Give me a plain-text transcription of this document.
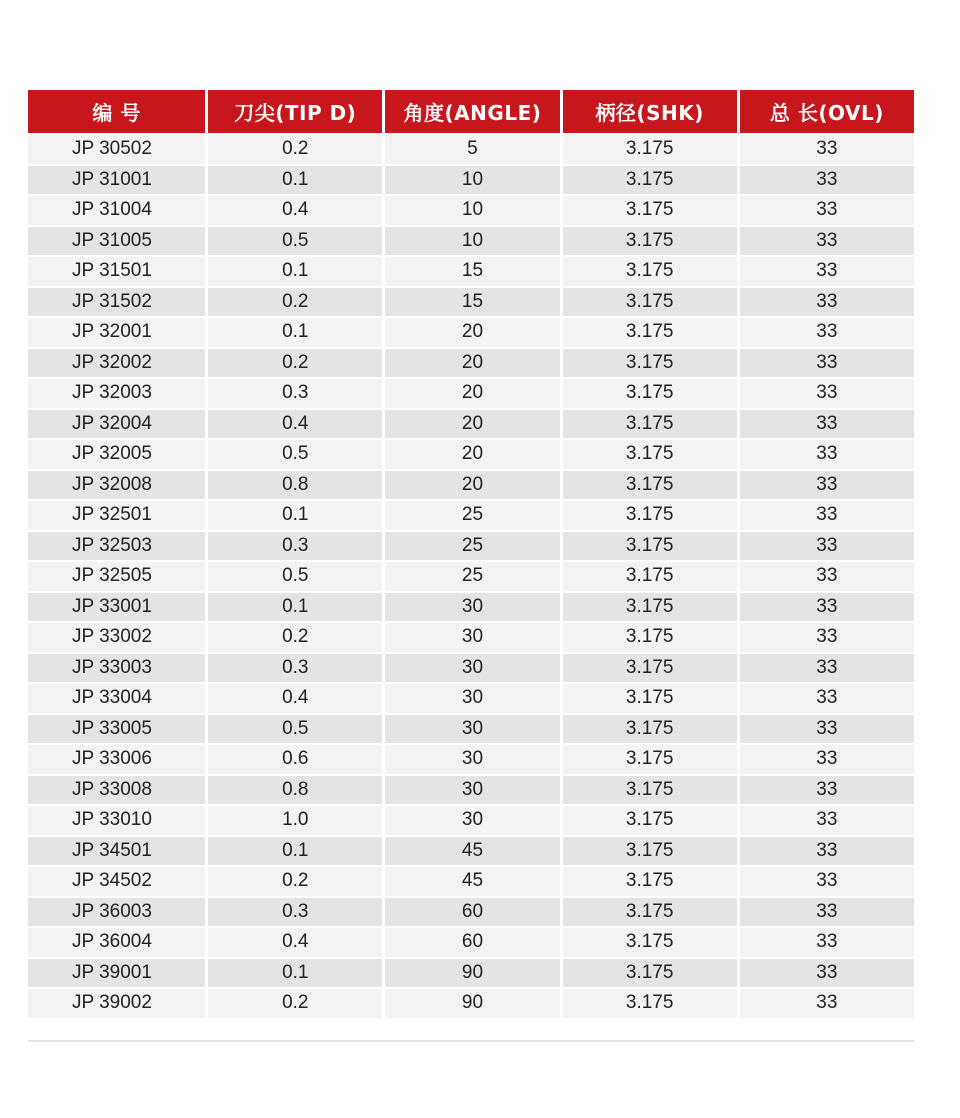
编 号	刀尖(TIP D)	角度(ANGLE)	柄径(SHK)	总 长(OVL)
JP 30502	0.2	5	3.175	33
JP 31001	0.1	10	3.175	33
JP 31004	0.4	10	3.175	33
JP 31005	0.5	10	3.175	33
JP 31501	0.1	15	3.175	33
JP 31502	0.2	15	3.175	33
JP 32001	0.1	20	3.175	33
JP 32002	0.2	20	3.175	33
JP 32003	0.3	20	3.175	33
JP 32004	0.4	20	3.175	33
JP 32005	0.5	20	3.175	33
JP 32008	0.8	20	3.175	33
JP 32501	0.1	25	3.175	33
JP 32503	0.3	25	3.175	33
JP 32505	0.5	25	3.175	33
JP 33001	0.1	30	3.175	33
JP 33002	0.2	30	3.175	33
JP 33003	0.3	30	3.175	33
JP 33004	0.4	30	3.175	33
JP 33005	0.5	30	3.175	33
JP 33006	0.6	30	3.175	33
JP 33008	0.8	30	3.175	33
JP 33010	1.0	30	3.175	33
JP 34501	0.1	45	3.175	33
JP 34502	0.2	45	3.175	33
JP 36003	0.3	60	3.175	33
JP 36004	0.4	60	3.175	33
JP 39001	0.1	90	3.175	33
JP 39002	0.2	90	3.175	33
